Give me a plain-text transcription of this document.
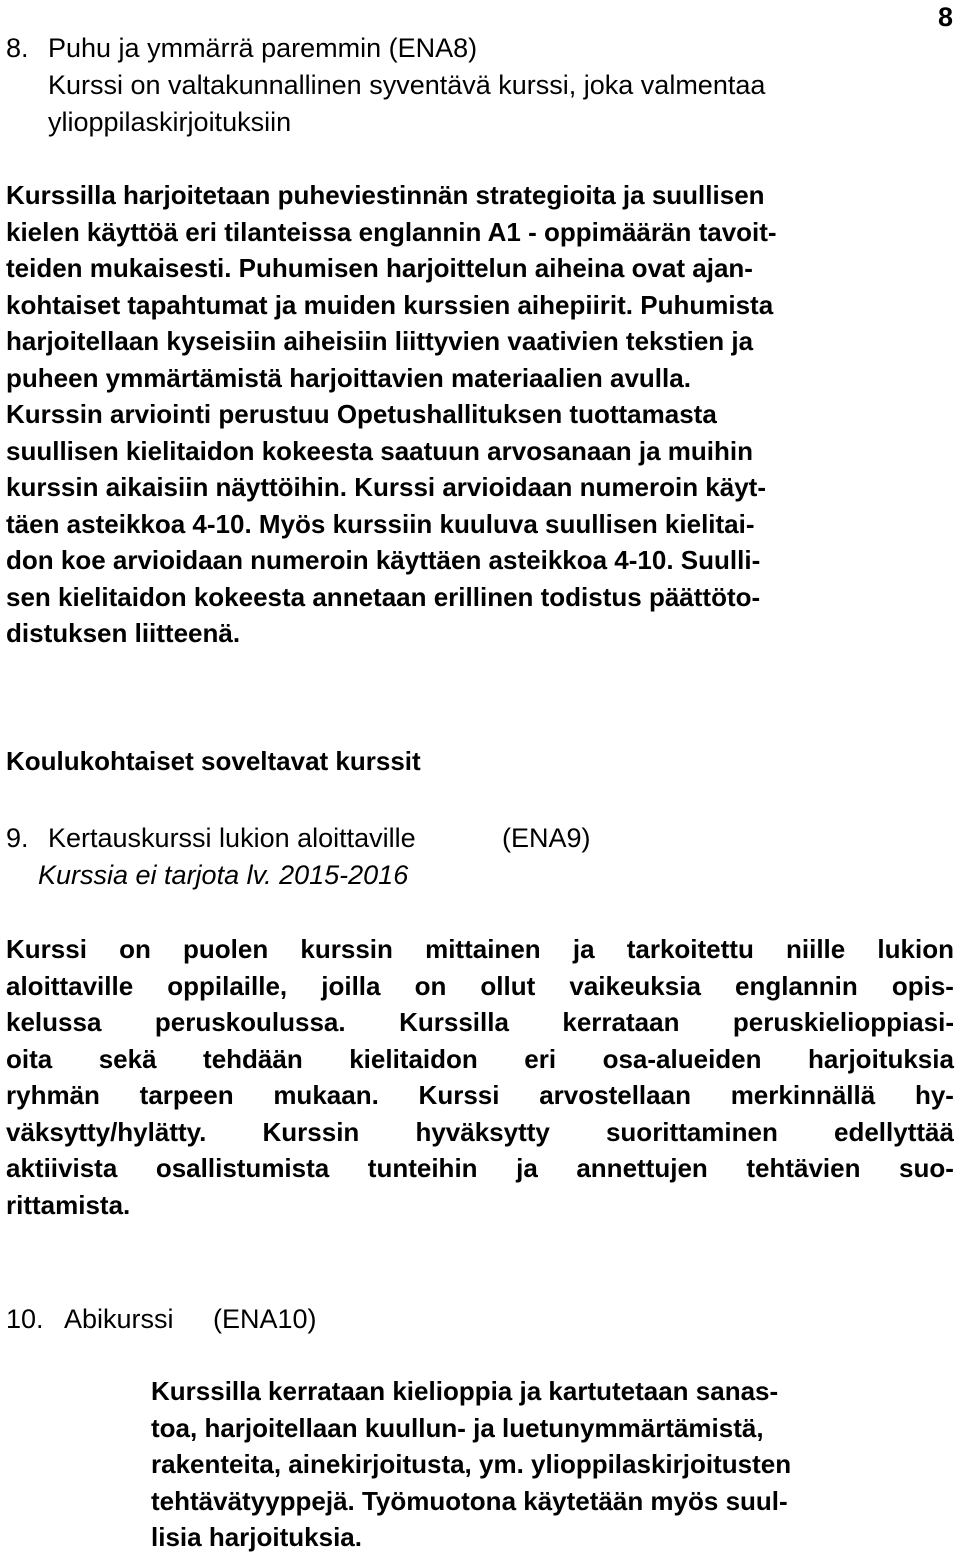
8
8. Puhu ja ymmärrä paremmin (ENA8)
Kurssi on valtakunnallinen syventävä kurssi, joka valmentaa
ylioppilaskirjoituksiin
Kurssilla harjoitetaan puheviestinnän strategioita ja suullisen
kielen käyttöä eri tilanteissa englannin A1 - oppimäärän tavoit-
teiden mukaisesti. Puhumisen harjoittelun aiheina ovat ajan-
kohtaiset tapahtumat ja muiden kurssien aihepiirit. Puhumista
harjoitellaan kyseisiin aiheisiin liittyvien vaativien tekstien ja
puheen ymmärtämistä harjoittavien materiaalien avulla.
Kurssin arviointi perustuu Opetushallituksen tuottamasta
suullisen kielitaidon kokeesta saatuun arvosanaan ja muihin
kurssin aikaisiin näyttöihin. Kurssi arvioidaan numeroin käyt-
täen asteikkoa 4-10. Myös kurssiin kuuluva suullisen kielitai-
don koe arvioidaan numeroin käyttäen asteikkoa 4-10. Suulli-
sen kielitaidon kokeesta annetaan erillinen todistus päättöto-
distuksen liitteenä.
Koulukohtaiset soveltavat kurssit
9. Kertauskurssi lukion aloittaville	(ENA9)
Kurssia ei tarjota lv. 2015-2016
Kurssi on puolen kurssin mittainen ja tarkoitettu niille lukion
aloittaville oppilaille, joilla on ollut vaikeuksia englannin opis-
kelussa peruskoulussa. Kurssilla kerrataan peruskielioppiasi-
oita sekä tehdään kielitaidon eri osa-alueiden harjoituksia
ryhmän tarpeen mukaan. Kurssi arvostellaan merkinnällä hy-
väksytty/hylätty. Kurssin hyväksytty suorittaminen edellyttää
aktiivista osallistumista tunteihin ja annettujen tehtävien suo-
rittamista.
10. Abikurssi (ENA10)
Kurssilla kerrataan kielioppia ja kartutetaan sanas-
toa, harjoitellaan kuullun- ja luetunymmärtämistä,
rakenteita, ainekirjoitusta, ym. ylioppilaskirjoitusten
tehtävätyyppejä. Työmuotona käytetään myös suul-
lisia harjoituksia.
